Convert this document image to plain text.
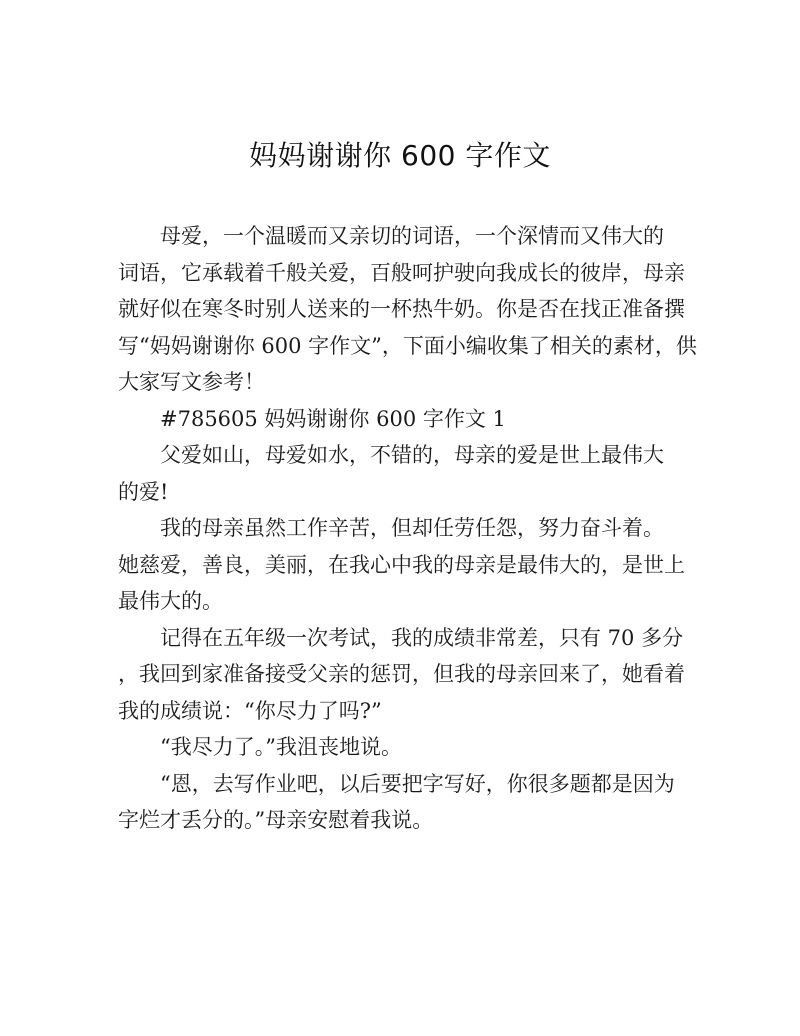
妈妈谢谢你 600 字作文
母爱，一个温暖而又亲切的词语，一个深情而又伟大的
词语，它承载着千般关爱，百般呵护驶向我成长的彼岸，母亲
就好似在寒冬时别人送来的一杯热牛奶。你是否在找正准备撰
写“妈妈谢谢你 600 字作文”，下面小编收集了相关的素材，供
大家写文参考！
#785605 妈妈谢谢你 600 字作文 1
父爱如山，母爱如水，不错的，母亲的爱是世上最伟大
的爱!
我的母亲虽然工作辛苦，但却任劳任怨，努力奋斗着。
她慈爱，善良，美丽，在我心中我的母亲是最伟大的，是世上
最伟大的。
记得在五年级一次考试，我的成绩非常差，只有 70 多分
，我回到家准备接受父亲的惩罚，但我的母亲回来了，她看着
我的成绩说：“你尽力了吗?”
“我尽力了。”我沮丧地说。
“恩，去写作业吧，以后要把字写好，你很多题都是因为
字烂才丢分的。”母亲安慰着我说。
